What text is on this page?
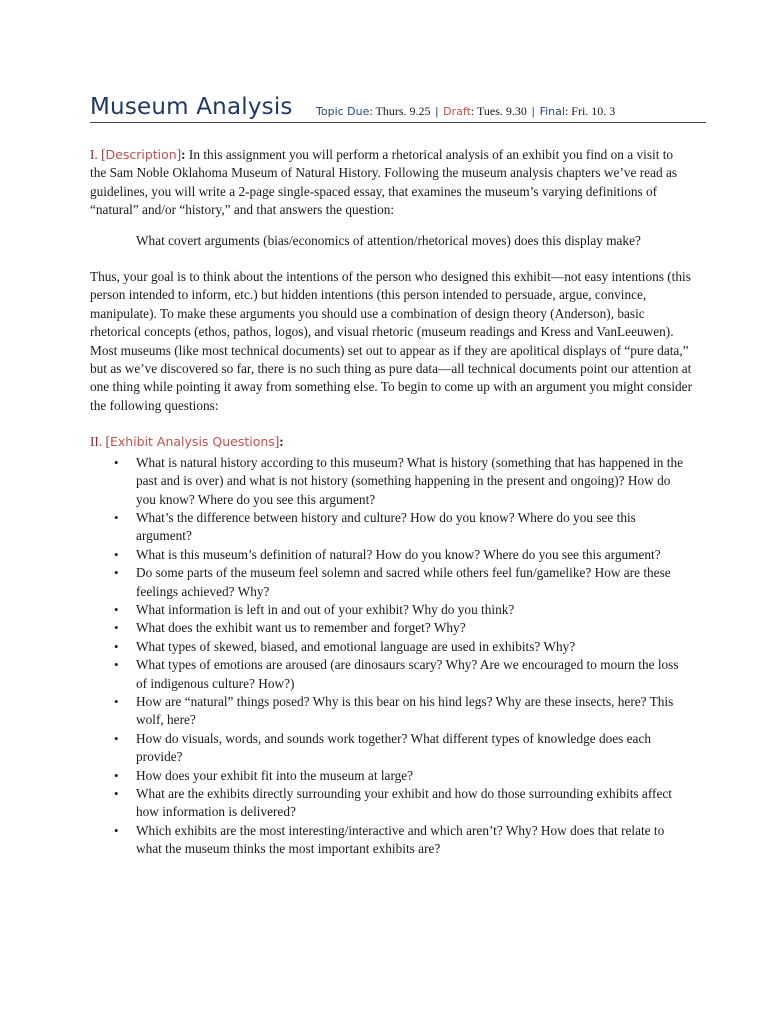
Museum Analysis Topic Due: Thurs. 9.25 | Draft: Tues. 9.30 | Final: Fri. 10. 3

I. [Description]: In this assignment you will perform a rhetorical analysis of an exhibit you find on a visit to the Sam Noble Oklahoma Museum of Natural History. Following the museum analysis chapters we’ve read as guidelines, you will write a 2-page single-spaced essay, that examines the museum’s varying definitions of “natural” and/or “history,” and that answers the question:

What covert arguments (bias/economics of attention/rhetorical moves) does this display make?

Thus, your goal is to think about the intentions of the person who designed this exhibit—not easy intentions (this person intended to inform, etc.) but hidden intentions (this person intended to persuade, argue, convince, manipulate). To make these arguments you should use a combination of design theory (Anderson), basic rhetorical concepts (ethos, pathos, logos), and visual rhetoric (museum readings and Kress and VanLeeuwen). Most museums (like most technical documents) set out to appear as if they are apolitical displays of “pure data,” but as we’ve discovered so far, there is no such thing as pure data—all technical documents point our attention at one thing while pointing it away from something else. To begin to come up with an argument you might consider the following questions:

II. [Exhibit Analysis Questions]:

• What is natural history according to this museum? What is history (something that has happened in the past and is over) and what is not history (something happening in the present and ongoing)? How do you know? Where do you see this argument?
• What’s the difference between history and culture? How do you know? Where do you see this argument?
• What is this museum’s definition of natural? How do you know? Where do you see this argument?
• Do some parts of the museum feel solemn and sacred while others feel fun/gamelike? How are these feelings achieved? Why?
• What information is left in and out of your exhibit? Why do you think?
• What does the exhibit want us to remember and forget? Why?
• What types of skewed, biased, and emotional language are used in exhibits? Why?
• What types of emotions are aroused (are dinosaurs scary? Why? Are we encouraged to mourn the loss of indigenous culture? How?)
• How are “natural” things posed? Why is this bear on his hind legs? Why are these insects, here? This wolf, here?
• How do visuals, words, and sounds work together? What different types of knowledge does each provide?
• How does your exhibit fit into the museum at large?
• What are the exhibits directly surrounding your exhibit and how do those surrounding exhibits affect how information is delivered?
• Which exhibits are the most interesting/interactive and which aren’t? Why? How does that relate to what the museum thinks the most important exhibits are?
